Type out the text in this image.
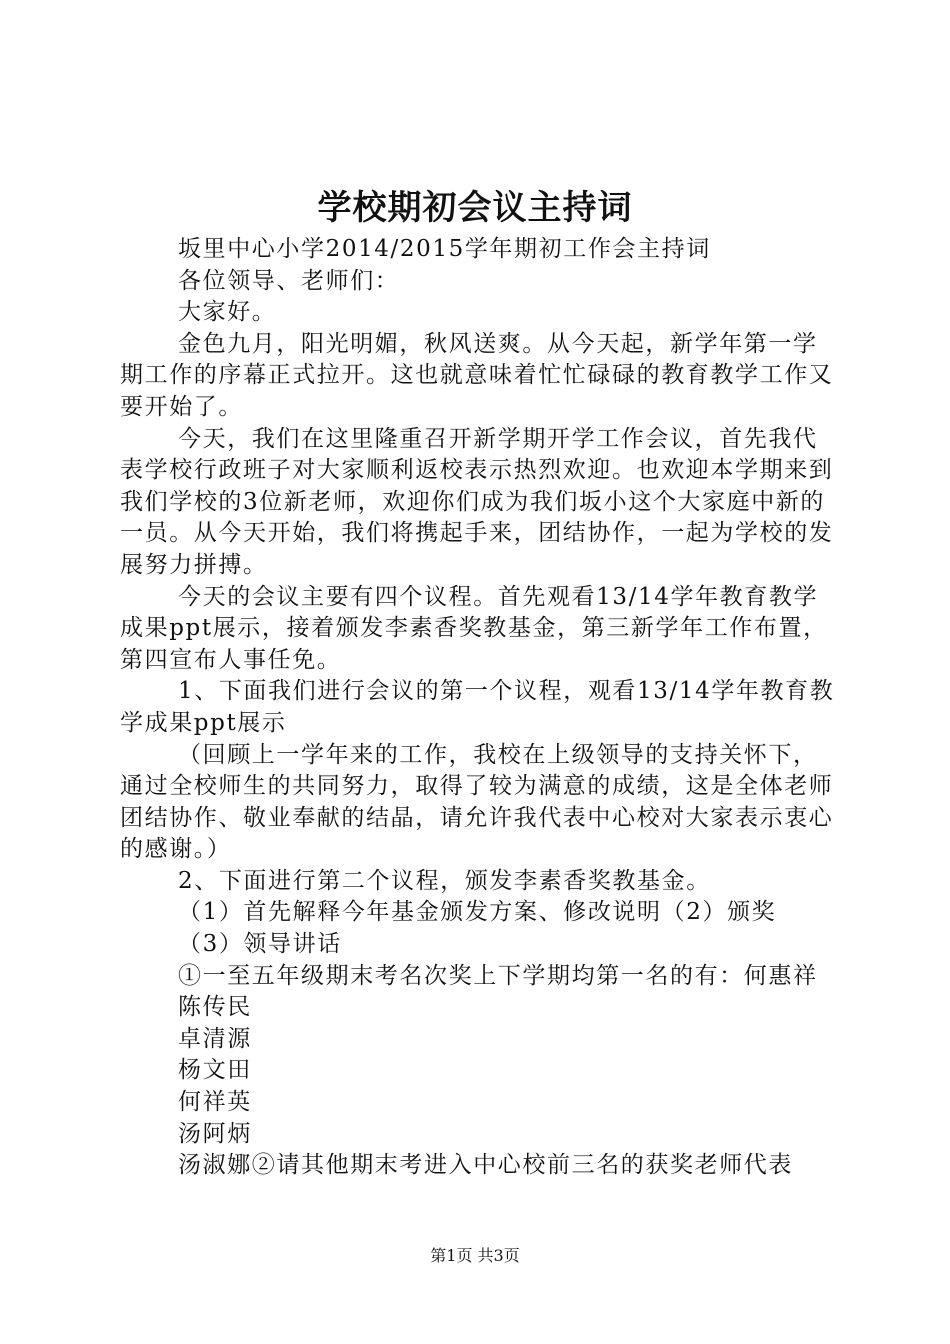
学校期初会议主持词

坂里中心小学2014/2015学年期初工作会主持词

各位领导、老师们：

大家好。

金色九月，阳光明媚，秋风送爽。从今天起，新学年第一学期工作的序幕正式拉开。这也就意味着忙忙碌碌的教育教学工作又要开始了。

今天，我们在这里隆重召开新学期开学工作会议，首先我代表学校行政班子对大家顺利返校表示热烈欢迎。也欢迎本学期来到我们学校的3位新老师，欢迎你们成为我们坂小这个大家庭中新的一员。从今天开始，我们将携起手来，团结协作，一起为学校的发展努力拼搏。

今天的会议主要有四个议程。首先观看13/14学年教育教学成果ppt展示，接着颁发李素香奖教基金，第三新学年工作布置，第四宣布人事任免。

1、下面我们进行会议的第一个议程，观看13/14学年教育教学成果ppt展示

（回顾上一学年来的工作，我校在上级领导的支持关怀下，通过全校师生的共同努力，取得了较为满意的成绩，这是全体老师团结协作、敬业奉献的结晶，请允许我代表中心校对大家表示衷心的感谢。）

2、下面进行第二个议程，颁发李素香奖教基金。

（1）首先解释今年基金颁发方案、修改说明（2）颁奖

（3）领导讲话

①一至五年级期末考名次奖上下学期均第一名的有：何惠祥

陈传民

卓清源

杨文田

何祥英

汤阿炳

汤淑娜②请其他期末考进入中心校前三名的获奖老师代表

第1页 共3页
